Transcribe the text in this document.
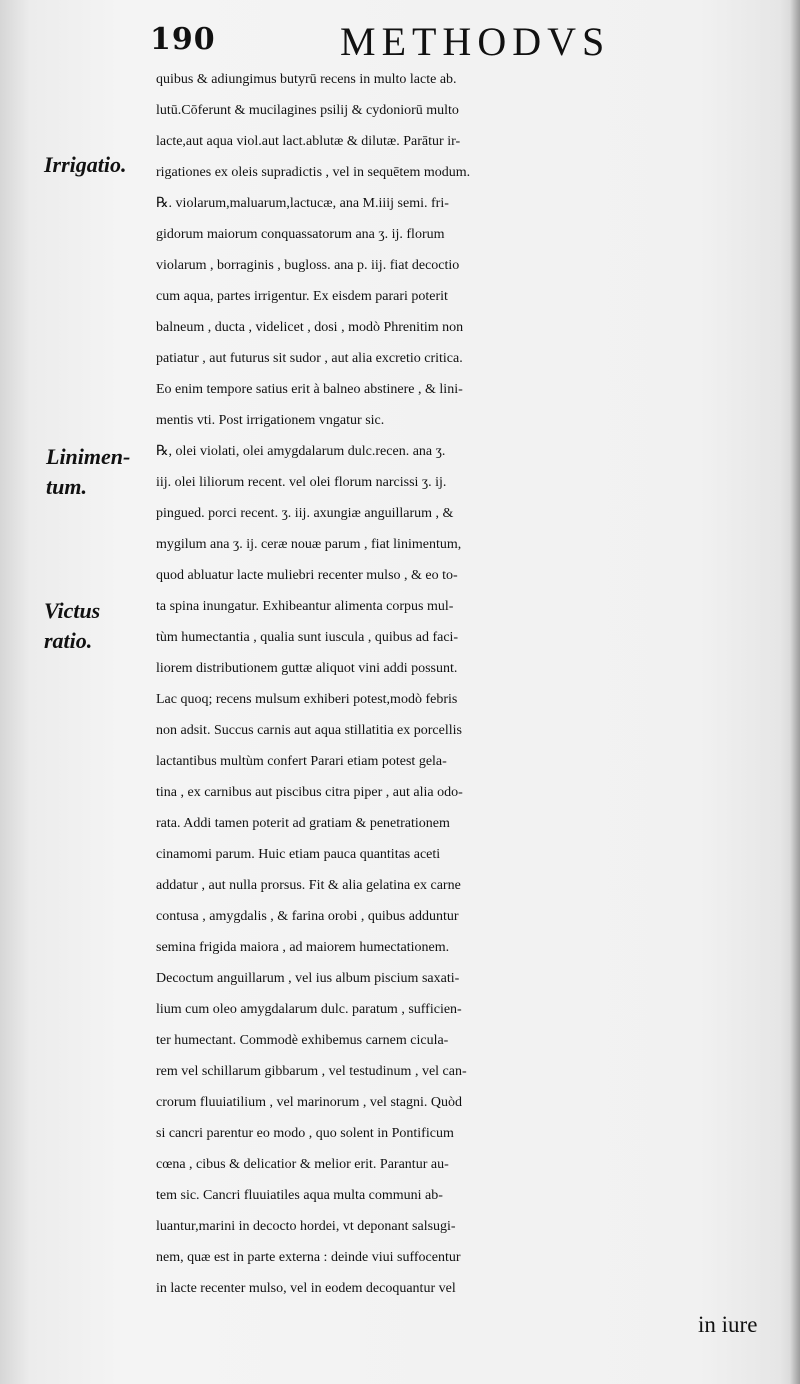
190	METHODVS
Irrigatio.
Linimen-
tum.
Victus
ratio.
quibus & adiungimus butyrū recens in multo lacte ab.
lutū.Cōferunt & mucilagines psilij & cydoniorū multo
lacte,aut aqua viol.aut lact.ablutæ & dilutæ. Parātur ir-
rigationes ex oleis supradictis , vel in sequētem modum.
℞. violarum,maluarum,lactucæ, ana M.iiij semi. fri-
gidorum maiorum conquassatorum ana ʒ. ij. florum
violarum , borraginis , bugloss. ana p. iij. fiat decoctio
cum aqua, partes irrigentur. Ex eisdem parari poterit
balneum , ducta , videlicet , dosi , modò Phrenitim non
patiatur , aut futurus sit sudor , aut alia excretio critica.
Eo enim tempore satius erit à balneo abstinere , & lini-
mentis vti. Post irrigationem vngatur sic.
℞, olei violati, olei amygdalarum dulc.recen. ana ʒ.
iij. olei liliorum recent. vel olei florum narcissi ʒ. ij.
pingued. porci recent. ʒ. iij. axungiæ anguillarum , &
mygilum ana ʒ. ij. ceræ nouæ parum , fiat linimentum,
quod abluatur lacte muliebri recenter mulso , & eo to-
ta spina inungatur. Exhibeantur alimenta corpus mul-
tùm humectantia , qualia sunt iuscula , quibus ad faci-
liorem distributionem guttæ aliquot vini addi possunt.
Lac quoq; recens mulsum exhiberi potest,modò febris
non adsit. Succus carnis aut aqua stillatitia ex porcellis
lactantibus multùm confert Parari etiam potest gela-
tina , ex carnibus aut piscibus citra piper , aut alia odo-
rata. Addi tamen poterit ad gratiam & penetrationem
cinamomi parum. Huic etiam pauca quantitas aceti
addatur , aut nulla prorsus. Fit & alia gelatina ex carne
contusa , amygdalis , & farina orobi , quibus adduntur
semina frigida maiora , ad maiorem humectationem.
Decoctum anguillarum , vel ius album piscium saxati-
lium cum oleo amygdalarum dulc. paratum , sufficien-
ter humectant. Commodè exhibemus carnem cicula-
rem vel schillarum gibbarum , vel testudinum , vel can-
crorum fluuiatilium , vel marinorum , vel stagni. Quòd
si cancri parentur eo modo , quo solent in Pontificum
cœna , cibus & delicatior & melior erit. Parantur au-
tem sic. Cancri fluuiatiles aqua multa communi ab-
luantur,marini in decocto hordei, vt deponant salsugi-
nem, quæ est in parte externa : deinde viui suffocentur
in lacte recenter mulso, vel in eodem decoquantur vel
in iure
